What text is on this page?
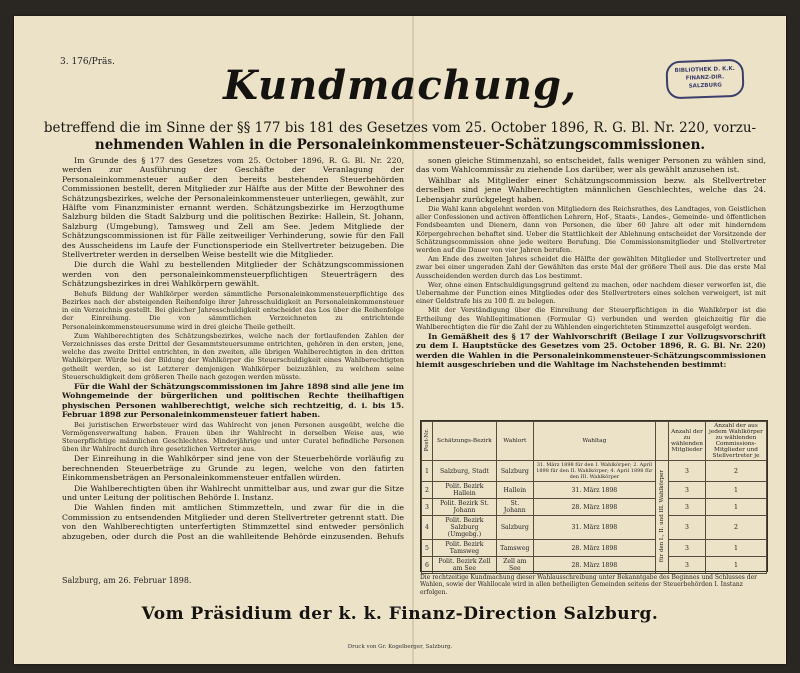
3. 176/Präs.
BIBLIOTHEK D. K.K.
FINANZ-DIR.
SALZBURG
Kundmachung,
betreffend die im Sinne der §§ 177 bis 181 des Gesetzes vom 25. October 1896, R. G. Bl. Nr. 220, vorzu-
nehmenden Wahlen in die Personaleinkommensteuer-Schätzungscommissionen.

Im Grunde des § 177 des Gesetzes vom 25. October 1896, R. G. Bl. Nr. 220, werden zur Ausführung der Geschäfte der Veranlagung der Personaleinkommensteuer außer den bereits bestehenden Steuerbehörden Commissionen bestellt, deren Mitglieder zur Hälfte aus der Mitte der Bewohner des Schätzungsbezirkes, welche der Personaleinkommensteuer unterliegen, gewählt, zur Hälfte vom Finanzminister ernannt werden. Schätzungsbezirke im Herzogthume Salzburg bilden die Stadt Salzburg und die politischen Bezirke: Hallein, St. Johann, Salzburg (Umgebung), Tamsweg und Zell am See. Jedem Mitgliede der Schätzungscommissionen ist für Fälle zeitweiliger Verhinderung, sowie für den Fall des Ausscheidens im Laufe der Functionsperiode ein Stellvertreter beizugeben. Die Stellvertreter werden in derselben Weise bestellt wie die Mitglieder.

Die durch die Wahl zu bestellenden Mitglieder der Schätzungscommissionen werden von den personaleinkommensteuerpflichtigen Steuerträgern des Schätzungsbezirkes in drei Wahlkörpern gewählt.

Behufs Bildung der Wahlkörper werden sämmtliche Personaleinkommensteuerpflichtige des Bezirkes nach der absteigenden Reihenfolge ihrer Jahresschuldigkeit an Personaleinkommensteuer in ein Verzeichnis gestellt. Bei gleicher Jahresschuldigkeit entscheidet das Los über die Reihenfolge der Einreihung. Die von sämmtlichen Verzeichneten zu entrichtende Personaleinkommensteuersumme wird in drei gleiche Theile getheilt.

Zum Wahlberechtigten des Schätzungsbezirkes, welche nach der fortlaufenden Zahlen der Verzeichnisses das erste Drittel der Gesammtsteuersumme entrichten, gehören in den ersten, jene, welche das zweite Drittel entrichten, in den zweiten, alle übrigen Wahlberechtigten in den dritten Wahlkörper. Würde bei der Bildung der Wahlkörper die Steuerschuldigkeit eines Wahlberechtigten getheilt werden, so ist Letzterer demjenigen Wahlkörper beizuzählen, zu welchem seine Steuerschuldigkeit dem größeren Theile nach gezogen werden müsste.

Für die Wahl der Schätzungscommissionen im Jahre 1898 sind alle jene im Wohngemeinde der bürgerlichen und politischen Rechte theilhaftigen physischen Personen wahlberechtigt, welche sich rechtzeitig, d. i. bis 15. Februar 1898 zur Personaleinkommensteuer fatiert haben.

Bei juristischen Erwerbsteuer wird das Wahlrecht von jenen Personen ausgeübt, welche die Vermögensverwaltung haben. Frauen üben ihr Wahlrecht in derselben Weise aus, wie Steuerpflichtige männlichen Geschlechtes. Minderjährige und unter Curatel befindliche Personen üben ihr Wahlrecht durch ihre gesetzlichen Vertreter aus.

Der Einreihung in die Wahlkörper sind jene von der Steuerbehörde vorläufig zu berechnenden Steuerbeträge zu Grunde zu legen, welche von den fatirten Einkommensbeträgen an Personaleinkommensteuer entfallen würden.

Die Wahlberechtigten üben ihr Wahlrecht unmittelbar aus, und zwar gur die Sitze und unter Leitung der politischen Behörde I. Instanz.

Die Wahlen finden mit amtlichen Stimmzetteln, und zwar für die in die Commission zu entsendenden Mitglieder und deren Stellvertreter getrennt statt. Die von den Wahlberechtigten unterfertigten Stimmzettel sind entweder persönlich abzugeben, oder durch die Post an die wahlleitende Behörde einzusenden. Behufs

sonen gleiche Stimmenzahl, so entscheidet, falls weniger Personen zu wählen sind, das vom Wahlcommissär zu ziehende Los darüber, wer als gewählt anzusehen ist.

Wählbar als Mitglieder einer Schätzungscommission bezw. als Stellvertreter derselben sind jene Wahlberechtigten männlichen Geschlechtes, welche das 24. Lebensjahr zurückgelegt haben.

Die Wahl kann abgelehnt werden von Mitgliedern des Reichsrathes, des Landtages, von Geistlichen aller Confessionen und activen öffentlichen Lehrern, Hof-, Staats-, Landes-, Gemeinde- und öffentlichen Fondsbeamten und Dienern, dann von Personen, die über 60 Jahre alt oder mit hinderndem Körpergebrechen behaftet sind. Ueber die Stattlichkeit der Ablehnung entscheidet der Vorsitzende der Schätzungscommission ohne jede weitere Berufung. Die Commissionsmitglieder und Stellvertreter werden auf die Dauer von vier Jahren berufen.

Am Ende des zweiten Jahres scheidet die Hälfte der gewählten Mitglieder und Stellvertreter und zwar bei einer ungeraden Zahl der Gewählten das erste Mal der größere Theil aus. Die das erste Mal Ausscheidenden werden durch das Los bestimmt.

Wer, ohne einen Entschuldigungsgrund geltend zu machen, oder nachdem dieser verworfen ist, die Uebernahme der Function eines Mitgliedes oder des Stellvertreters eines solchen verweigert, ist mit einer Geldstrafe bis zu 100 fl. zu belegen.

Mit der Verständigung über die Einreihung der Steuerpflichtigen in die Wahlkörper ist die Ertheilung des Wahllegitimationen (Formular G) verbunden und werden gleichzeitig für die Wahlberechtigten die für die Zahl der zu Wählenden eingerichteten Stimmzettel ausgefolgt werden.

In Gemäßheit des § 17 der Wahlvorschrift (Beilage I zur Vollzugsvorschrift zu dem I. Hauptstücke des Gesetzes vom 25. October 1896, R. G. Bl. Nr. 220) werden die Wahlen in die Personaleinkommensteuer-Schätzungscommissionen hiemit ausgeschrieben und die Wahltage im Nachstehenden bestimmt:

Post-Nr.	Schätzungs-Bezirk	Wahlort	Wahltag		Anzahl der zu wählenden Mitglieder	Anzahl der aus jedem Wahlkörper zu wählenden Commissions-Mitglieder und Stellvertreter je
1	Salzburg, Stadt	Salzburg	31. März 1898 für den I. Wahlkörper; 2. April 1898 für den II. Wahlkörper; 4. April 1898 für den III. Wahlkörper	für den I., II. und III. Wahlkörper	3	2
2	Polit. Bezirk Hallein	Hallein	31. März 1898		3	1
3	Polit. Bezirk St. Johann	St. Johann	28. März 1898		3	1
4	Polit. Bezirk Salzburg (Umgebg.)	Salzburg	31. März 1898		3	2
5	Polit. Bezirk Tamsweg	Tamsweg	28. März 1898		3	1
6	Polit. Bezirk Zell am See	Zell am See	28. März 1898		3	1
Die rechtzeitige Kundmachung dieser Wahlausschreibung unter Bekanntgabe des Beginnes und Schlusses der Wahlen, sowie der Wahllocale wird in allen betheiligten Gemeinden seitens der Steuerbehörden I. Instanz erfolgen.
Salzburg, am 26. Februar 1898.
Vom Präsidium der k. k. Finanz-Direction Salzburg.
Druck von Gr. Kogelberger, Salzburg.
